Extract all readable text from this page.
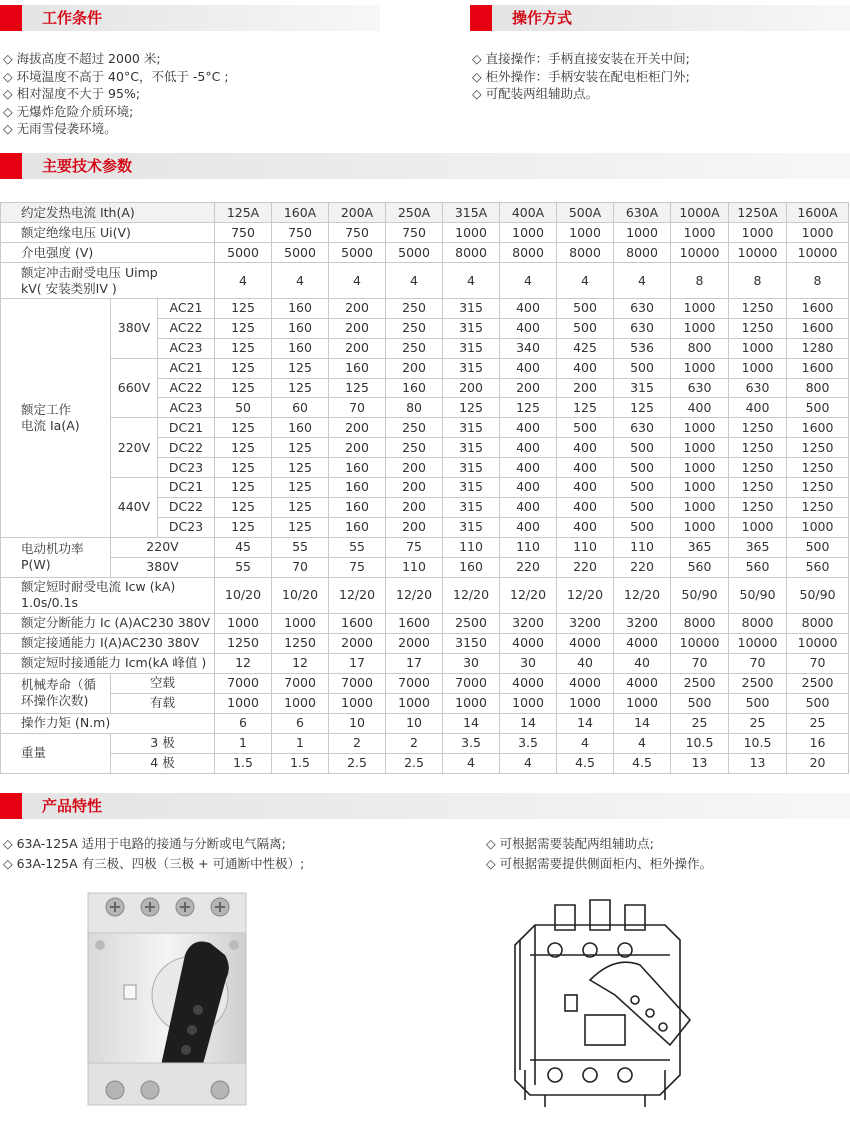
工作条件
◇ 海拔高度不超过 2000 米;
◇ 环境温度不高于 40°C，不低于 -5°C ;
◇ 相对湿度不大于 95%;
◇ 无爆炸危险介质环境;
◇ 无雨雪侵袭环境。
操作方式
◇ 直接操作：手柄直接安装在开关中间;
◇ 柜外操作：手柄安装在配电柜柜门外;
◇ 可配装两组辅助点。
主要技术参数
约定发热电流 Ith(A)			125A	160A	200A	250A	315A	400A	500A	630A	1000A	1250A	1600A
额定绝缘电压 Ui(V)			750	750	750	750	1000	1000	1000	1000	1000	1000	1000
介电强度 (V)			5000	5000	5000	5000	8000	8000	8000	8000	10000	10000	10000
额定冲击耐受电压 Uimp
kV( 安装类别IV )			4	4	4	4	4	4	4	4	8	8	8
额定工作
电流 Ia(A)	380V	AC21	125	160	200	250	315	400	500	630	1000	1250	1600
		AC22	125	160	200	250	315	400	500	630	1000	1250	1600
		AC23	125	160	200	250	315	340	425	536	800	1000	1280
	660V	AC21	125	125	160	200	315	400	400	500	1000	1000	1600
		AC22	125	125	125	160	200	200	200	315	630	630	800
		AC23	50	60	70	80	125	125	125	125	400	400	500
	220V	DC21	125	160	200	250	315	400	500	630	1000	1250	1600
		DC22	125	125	200	250	315	400	400	500	1000	1250	1250
		DC23	125	125	160	200	315	400	400	500	1000	1250	1250
	440V	DC21	125	125	160	200	315	400	400	500	1000	1250	1250
		DC22	125	125	160	200	315	400	400	500	1000	1250	1250
		DC23	125	125	160	200	315	400	400	500	1000	1000	1000
电动机功率
P(W)	220V		45	55	55	75	110	110	110	110	365	365	500
	380V		55	70	75	110	160	220	220	220	560	560	560
额定短时耐受电流 Icw (kA)
1.0s/0.1s			10/20	10/20	12/20	12/20	12/20	12/20	12/20	12/20	50/90	50/90	50/90
额定分断能力 Ic (A)AC230 380V			1000	1000	1600	1600	2500	3200	3200	3200	8000	8000	8000
额定接通能力 I(A)AC230 380V			1250	1250	2000	2000	3150	4000	4000	4000	10000	10000	10000
额定短时接通能力 Icm(kA 峰值 )			12	12	17	17	30	30	40	40	70	70	70
机械寿命（循
环操作次数)	空载		7000	7000	7000	7000	7000	4000	4000	4000	2500	2500	2500
	有载		1000	1000	1000	1000	1000	1000	1000	1000	500	500	500
操作力矩 (N.m)			6	6	10	10	14	14	14	14	25	25	25
重量	3 极		1	1	2	2	3.5	3.5	4	4	10.5	10.5	16
	4 极		1.5	1.5	2.5	2.5	4	4	4.5	4.5	13	13	20
产品特性
◇ 63A-125A 适用于电路的接通与分断或电气隔离;
◇ 63A-125A 有三极、四极（三极 + 可通断中性极）;
◇ 可根据需要装配两组辅助点;
◇ 可根据需要提供侧面柜内、柜外操作。
